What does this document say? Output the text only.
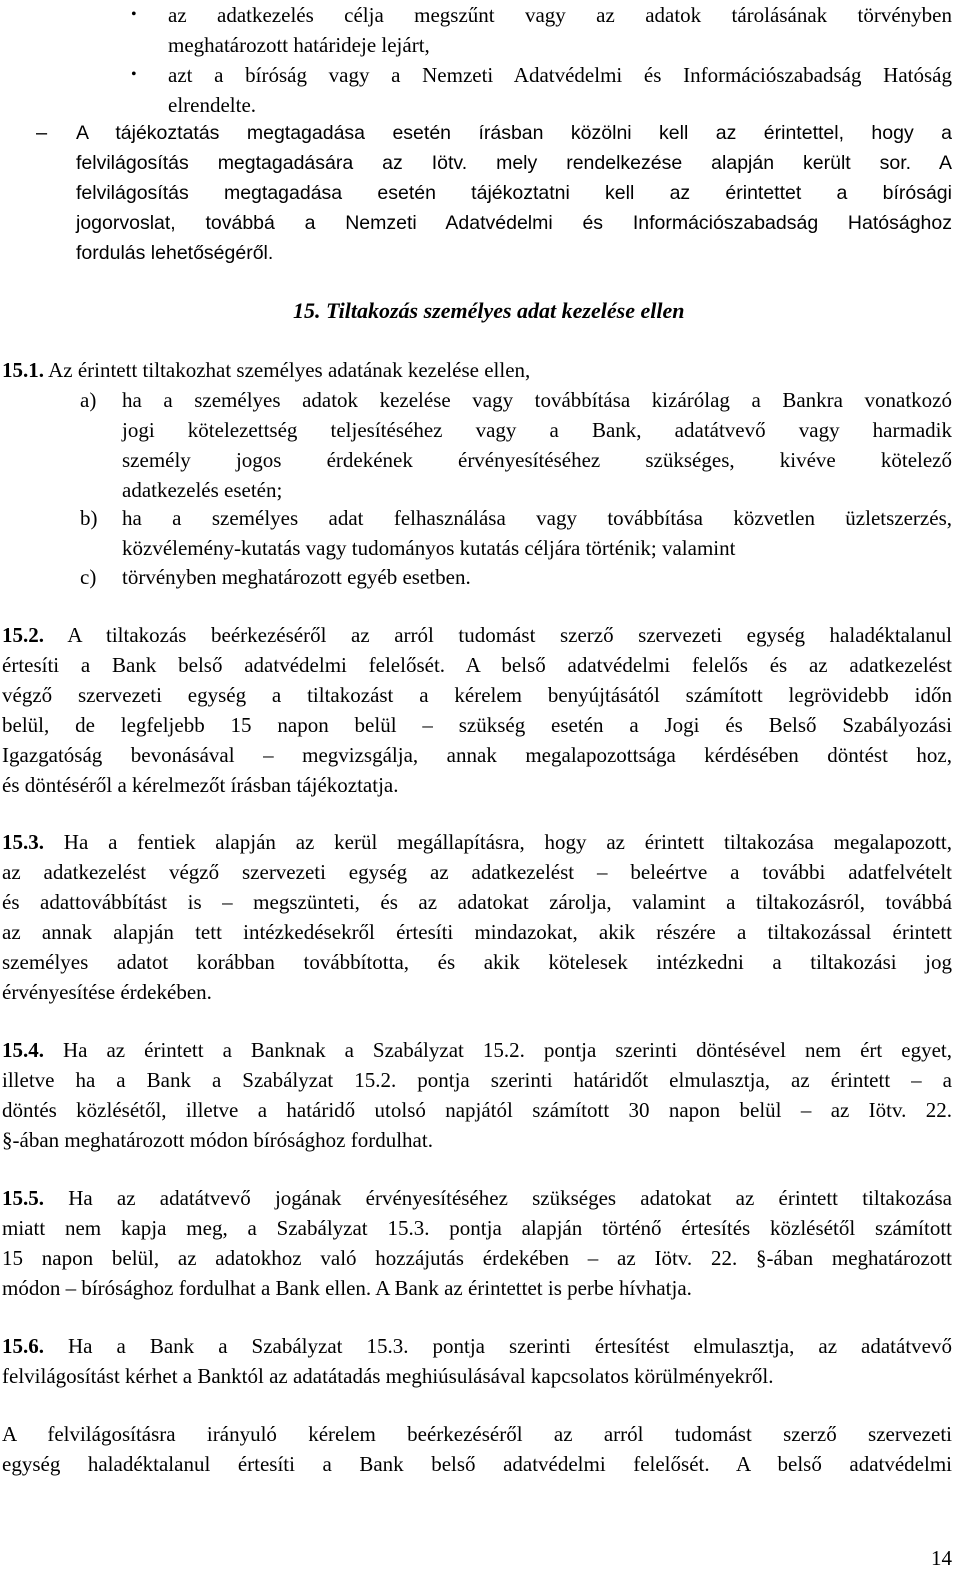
• az adatkezelés célja megszűnt vagy az adatok tárolásának törvényben
meghatározott határideje lejárt,
• azt a bíróság vagy a Nemzeti Adatvédelmi és Információszabadság Hatóság
elrendelte.
– A tájékoztatás megtagadása esetén írásban közölni kell az érintettel, hogy a
felvilágosítás megtagadására az Iötv. mely rendelkezése alapján került sor. A
felvilágosítás megtagadása esetén tájékoztatni kell az érintettet a bírósági
jogorvoslat, továbbá a Nemzeti Adatvédelmi és Információszabadság Hatósághoz
fordulás lehetőségéről.
15. Tiltakozás személyes adat kezelése ellen
15.1. Az érintett tiltakozhat személyes adatának kezelése ellen,
a) ha a személyes adatok kezelése vagy továbbítása kizárólag a Bankra vonatkozó
jogi kötelezettség teljesítéséhez vagy a Bank, adatátvevő vagy harmadik
személy jogos érdekének érvényesítéséhez szükséges, kivéve kötelező
adatkezelés esetén;
b) ha a személyes adat felhasználása vagy továbbítása közvetlen üzletszerzés,
közvélemény-kutatás vagy tudományos kutatás céljára történik; valamint
c) törvényben meghatározott egyéb esetben.
15.2. A tiltakozás beérkezéséről az arról tudomást szerző szervezeti egység haladéktalanul
értesíti a Bank belső adatvédelmi felelősét. A belső adatvédelmi felelős és az adatkezelést
végző szervezeti egység a tiltakozást a kérelem benyújtásától számított legrövidebb időn
belül, de legfeljebb 15 napon belül – szükség esetén a Jogi és Belső Szabályozási
Igazgatóság bevonásával – megvizsgálja, annak megalapozottsága kérdésében döntést hoz,
és döntéséről a kérelmezőt írásban tájékoztatja.
15.3. Ha a fentiek alapján az kerül megállapításra, hogy az érintett tiltakozása megalapozott,
az adatkezelést végző szervezeti egység az adatkezelést – beleértve a további adatfelvételt
és adattovábbítást is – megszünteti, és az adatokat zárolja, valamint a tiltakozásról, továbbá
az annak alapján tett intézkedésekről értesíti mindazokat, akik részére a tiltakozással érintett
személyes adatot korábban továbbította, és akik kötelesek intézkedni a tiltakozási jog
érvényesítése érdekében.
15.4. Ha az érintett a Banknak a Szabályzat 15.2. pontja szerinti döntésével nem ért egyet,
illetve ha a Bank a Szabályzat 15.2. pontja szerinti határidőt elmulasztja, az érintett – a
döntés közlésétől, illetve a határidő utolsó napjától számított 30 napon belül – az Iötv. 22.
§-ában meghatározott módon bírósághoz fordulhat.
15.5. Ha az adatátvevő jogának érvényesítéséhez szükséges adatokat az érintett tiltakozása
miatt nem kapja meg, a Szabályzat 15.3. pontja alapján történő értesítés közlésétől számított
15 napon belül, az adatokhoz való hozzájutás érdekében – az Iötv. 22. §-ában meghatározott
módon – bírósághoz fordulhat a Bank ellen. A Bank az érintettet is perbe hívhatja.
15.6. Ha a Bank a Szabályzat 15.3. pontja szerinti értesítést elmulasztja, az adatátvevő
felvilágosítást kérhet a Banktól az adatátadás meghiúsulásával kapcsolatos körülményekről.
A felvilágosításra irányuló kérelem beérkezéséről az arról tudomást szerző szervezeti
egység haladéktalanul értesíti a Bank belső adatvédelmi felelősét. A belső adatvédelmi
14
